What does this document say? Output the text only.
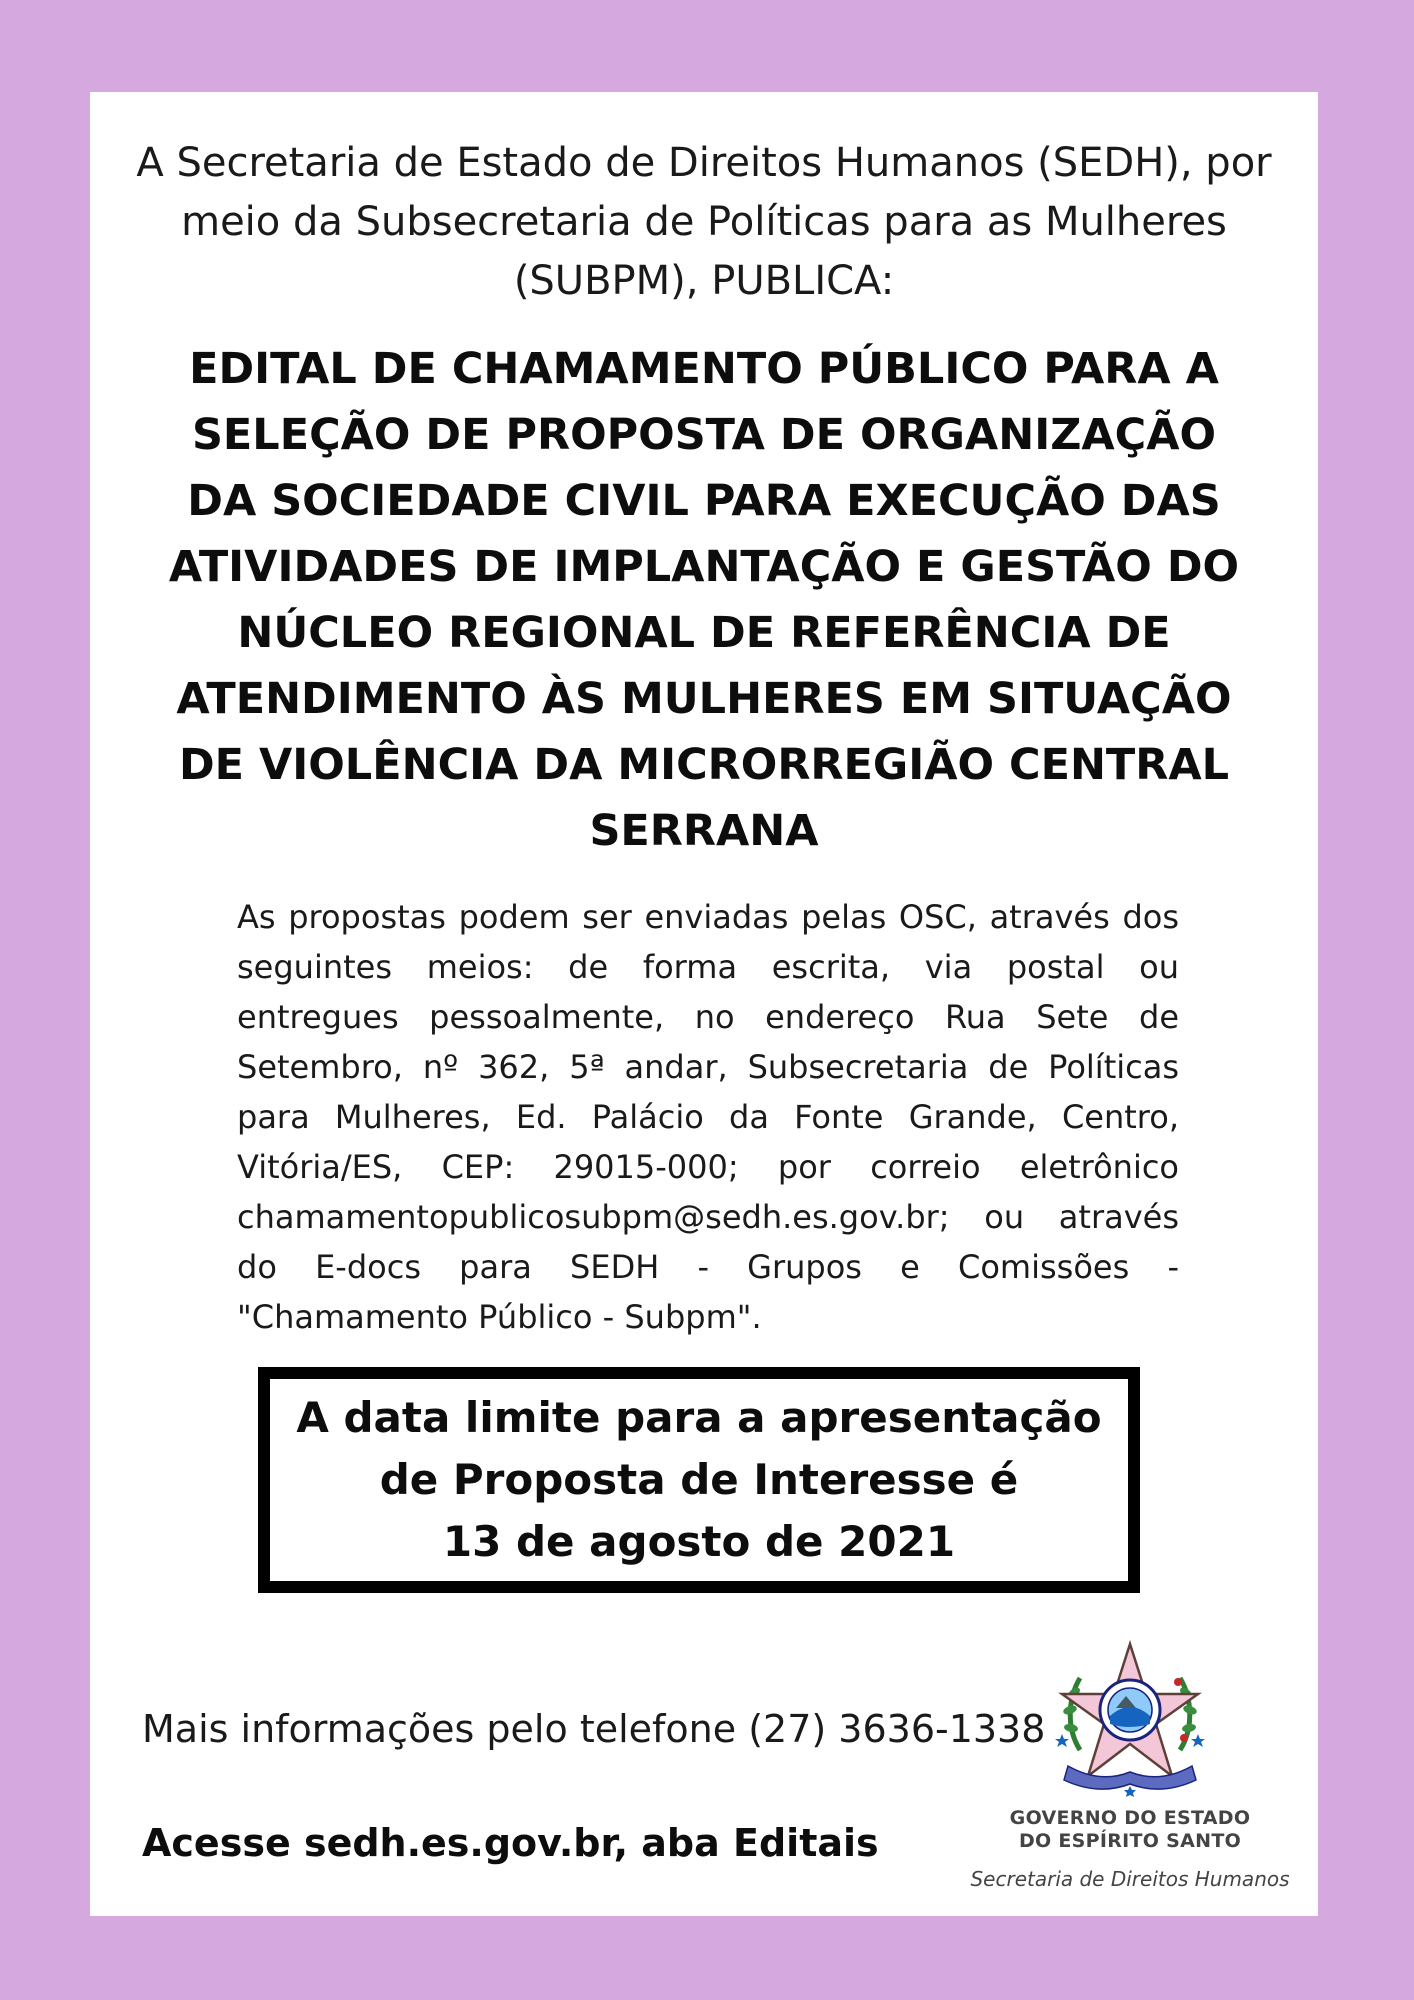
A Secretaria de Estado de Direitos Humanos (SEDH), por meio da Subsecretaria de Políticas para as Mulheres (SUBPM), PUBLICA:
EDITAL DE CHAMAMENTO PÚBLICO PARA A SELEÇÃO DE PROPOSTA DE ORGANIZAÇÃO DA SOCIEDADE CIVIL PARA EXECUÇÃO DAS ATIVIDADES DE IMPLANTAÇÃO E GESTÃO DO NÚCLEO REGIONAL DE REFERÊNCIA DE ATENDIMENTO ÀS MULHERES EM SITUAÇÃO DE VIOLÊNCIA DA MICRORREGIÃO CENTRAL SERRANA
As propostas podem ser enviadas pelas OSC, através dos seguintes meios: de forma escrita, via postal ou entregues pessoalmente, no endereço Rua Sete de Setembro, nº 362, 5ª andar, Subsecretaria de Políticas para Mulheres, Ed. Palácio da Fonte Grande, Centro, Vitória/ES, CEP: 29015-000; por correio eletrônico chamamentopublicosubpm@sedh.es.gov.br; ou através do E-docs para SEDH - Grupos e Comissões - "Chamamento Público - Subpm".
A data limite para a apresentação
de Proposta de Interesse é
13 de agosto de 2021
Mais informações pelo telefone (27) 3636-1338
Acesse sedh.es.gov.br, aba Editais
GOVERNO DO ESTADO
DO ESPÍRITO SANTO
Secretaria de Direitos Humanos
